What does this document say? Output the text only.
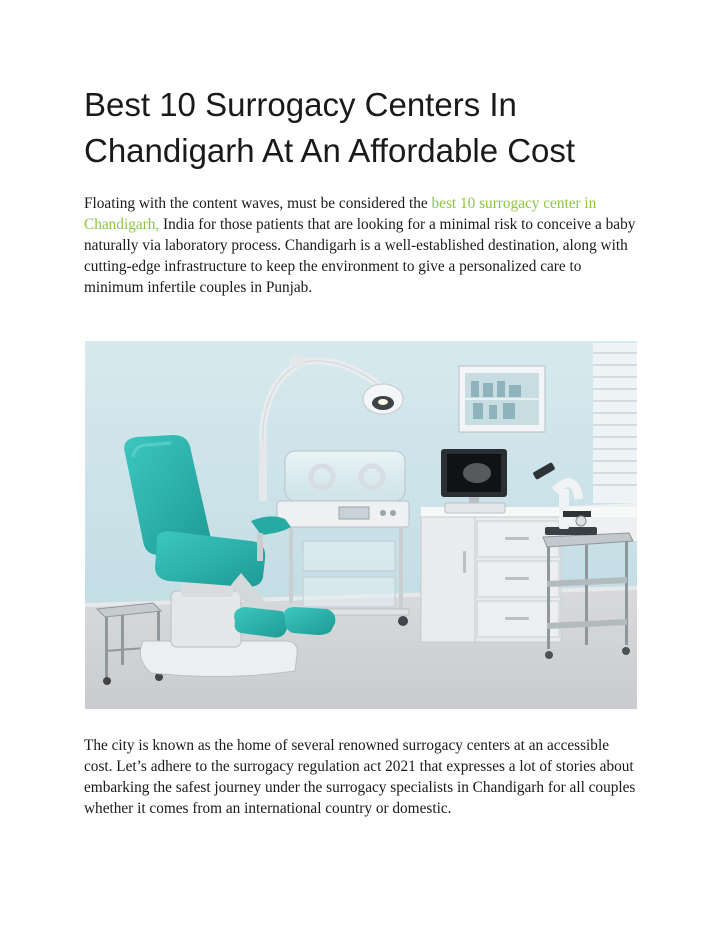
Best 10 Surrogacy Centers In Chandigarh At An Affordable Cost

Floating with the content waves, must be considered the best 10 surrogacy center in Chandigarh, India for those patients that are looking for a minimal risk to conceive a baby naturally via laboratory process. Chandigarh is a well-established destination, along with cutting-edge infrastructure to keep the environment to give a personalized care to minimum infertile couples in Punjab.

The city is known as the home of several renowned surrogacy centers at an accessible cost. Let’s adhere to the surrogacy regulation act 2021 that expresses a lot of stories about embarking the safest journey under the surrogacy specialists in Chandigarh for all couples whether it comes from an international country or domestic.
